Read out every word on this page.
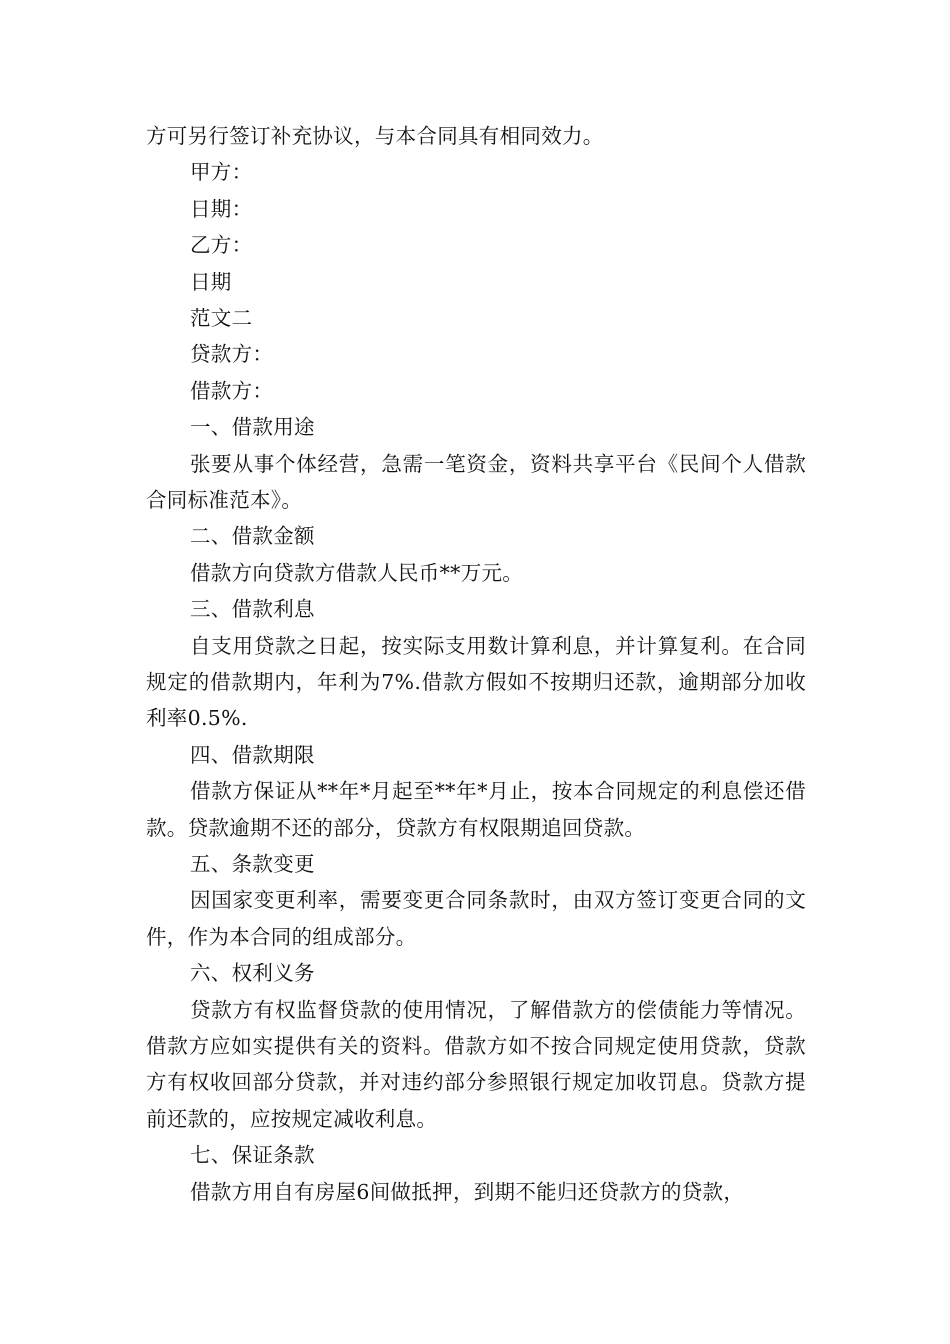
方可另行签订补充协议，与本合同具有相同效力。
甲方：
日期：
乙方：
日期
范文二
贷款方：
借款方：
一、借款用途

张要从事个体经营，急需一笔资金，资料共享平台《民间个人借款合同标准范本》。

二、借款金额

借款方向贷款方借款人民币**万元。

三、借款利息

自支用贷款之日起，按实际支用数计算利息，并计算复利。在合同规定的借款期内，年利为7%.借款方假如不按期归还款，逾期部分加收利率0.5%.

四、借款期限

借款方保证从**年*月起至**年*月止，按本合同规定的利息偿还借款。贷款逾期不还的部分，贷款方有权限期追回贷款。

五、条款变更

因国家变更利率，需要变更合同条款时，由双方签订变更合同的文件，作为本合同的组成部分。

六、权利义务

贷款方有权监督贷款的使用情况，了解借款方的偿债能力等情况。借款方应如实提供有关的资料。借款方如不按合同规定使用贷款，贷款方有权收回部分贷款，并对违约部分参照银行规定加收罚息。贷款方提前还款的，应按规定减收利息。

七、保证条款

借款方用自有房屋6间做抵押，到期不能归还贷款方的贷款，
